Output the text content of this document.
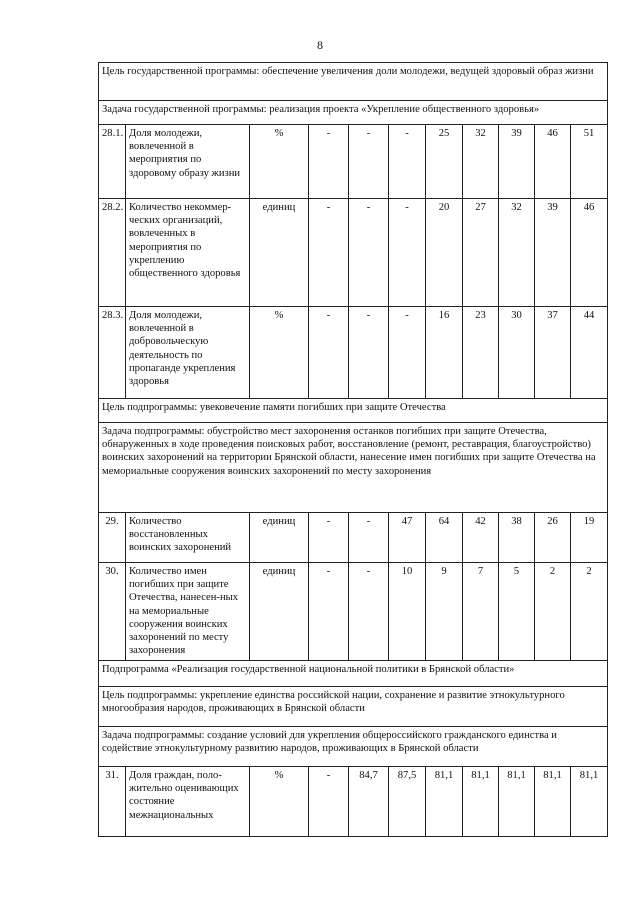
8
Цель государственной программы: обеспечение увеличения доли молодежи, ведущей здоровый образ жизни										
Задача государственной программы: реализация проекта «Укрепление общественного здоровья»										
28.1.	Доля молодежи, вовлеченной в мероприятия по здоровому образу жизни	%	-	-	-	25	32	39	46	51
28.2.	Количество некоммер-ческих организаций, вовлеченных в мероприятия по укреплению общественного здоровья	единиц	-	-	-	20	27	32	39	46
28.3.	Доля молодежи, вовлеченной в добровольческую деятельность по пропаганде укрепления здоровья	%	-	-	-	16	23	30	37	44
Цель подпрограммы: увековечение памяти погибших при защите Отечества										
Задача подпрограммы: обустройство мест захоронения останков погибших при защите Отечества, обнаруженных в ходе проведения поисковых работ, восстановление (ремонт, реставрация, благоустройство) воинских захоронений на территории Брянской области, нанесение имен погибших при защите Отечества на мемориальные сооружения воинских захоронений по месту захоронения										
29.	Количество восстановленных воинских захоронений	единиц	-	-	47	64	42	38	26	19
30.	Количество имен погибших при защите Отечества, нанесен-ных на мемориальные сооружения воинских захоронений по месту захоронения	единиц	-	-	10	9	7	5	2	2
Подпрограмма «Реализация государственной национальной политики в Брянской области»										
Цель подпрограммы: укрепление единства российской нации, сохранение и развитие этнокультурного многообразия народов, проживающих в Брянской области										
Задача подпрограммы: создание условий для укрепления общероссийского гражданского единства и содействие этнокультурному развитию народов, проживающих в Брянской области										
31.	Доля граждан, поло-жительно оценивающих состояние межнациональных	%	-	84,7	87,5	81,1	81,1	81,1	81,1	81,1
